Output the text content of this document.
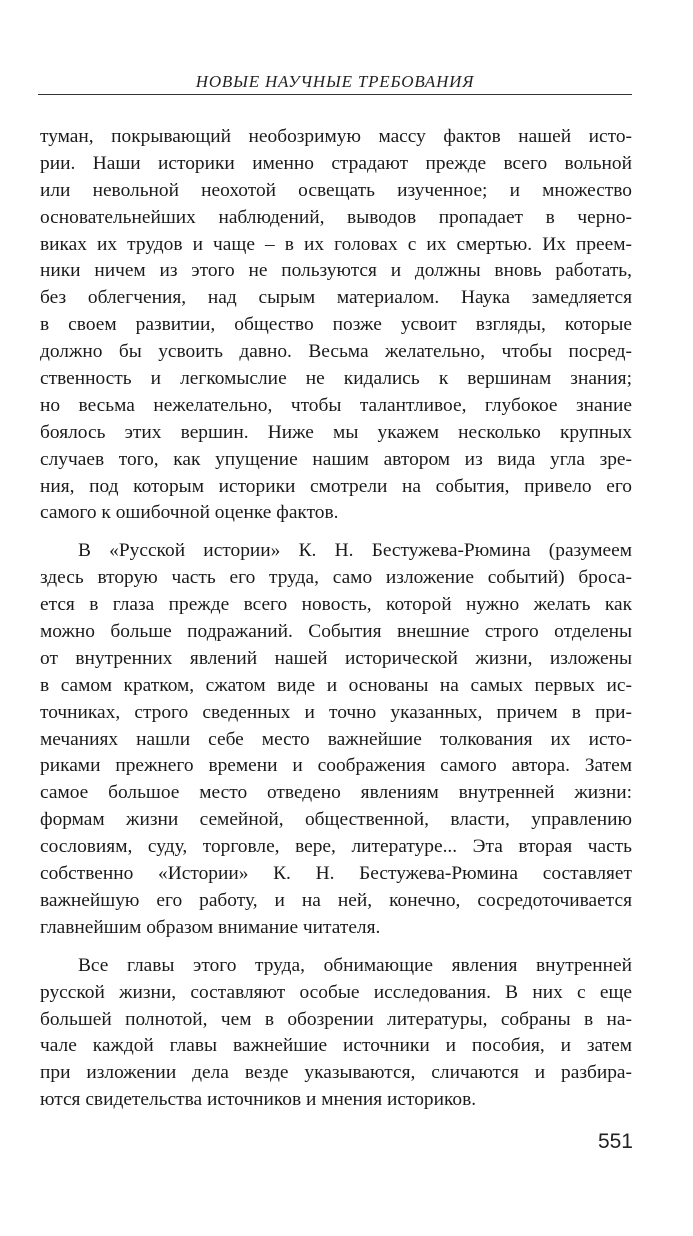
НОВЫЕ НАУЧНЫЕ ТРЕБОВАНИЯ
туман, покрывающий необозримую массу фактов нашей исто-
рии. Наши историки именно страдают прежде всего вольной
или невольной неохотой освещать изученное; и множество
основательнейших наблюдений, выводов пропадает в черно-
виках их трудов и чаще – в их головах с их смертью. Их преем-
ники ничем из этого не пользуются и должны вновь работать,
без облегчения, над сырым материалом. Наука замедляется
в своем развитии, общество позже усвоит взгляды, которые
должно бы усвоить давно. Весьма желательно, чтобы посред-
ственность и легкомыслие не кидались к вершинам знания;
но весьма нежелательно, чтобы талантливое, глубокое знание
боялось этих вершин. Ниже мы укажем несколько крупных
случаев того, как упущение нашим автором из вида угла зре-
ния, под которым историки смотрели на события, привело его
самого к ошибочной оценке фактов.
В «Русской истории» К. Н. Бестужева-Рюмина (разумеем
здесь вторую часть его труда, само изложение событий) броса-
ется в глаза прежде всего новость, которой нужно желать как
можно больше подражаний. События внешние строго отделены
от внутренних явлений нашей исторической жизни, изложены
в самом кратком, сжатом виде и основаны на самых первых ис-
точниках, строго сведенных и точно указанных, причем в при-
мечаниях нашли себе место важнейшие толкования их исто-
риками прежнего времени и соображения самого автора. Затем
самое большое место отведено явлениям внутренней жизни:
формам жизни семейной, общественной, власти, управлению
сословиям, суду, торговле, вере, литературе... Эта вторая часть
собственно «Истории» К. Н. Бестужева-Рюмина составляет
важнейшую его работу, и на ней, конечно, сосредоточивается
главнейшим образом внимание читателя.
Все главы этого труда, обнимающие явления внутренней
русской жизни, составляют особые исследования. В них с еще
большей полнотой, чем в обозрении литературы, собраны в на-
чале каждой главы важнейшие источники и пособия, и затем
при изложении дела везде указываются, сличаются и разбира-
ются свидетельства источников и мнения историков.
551
